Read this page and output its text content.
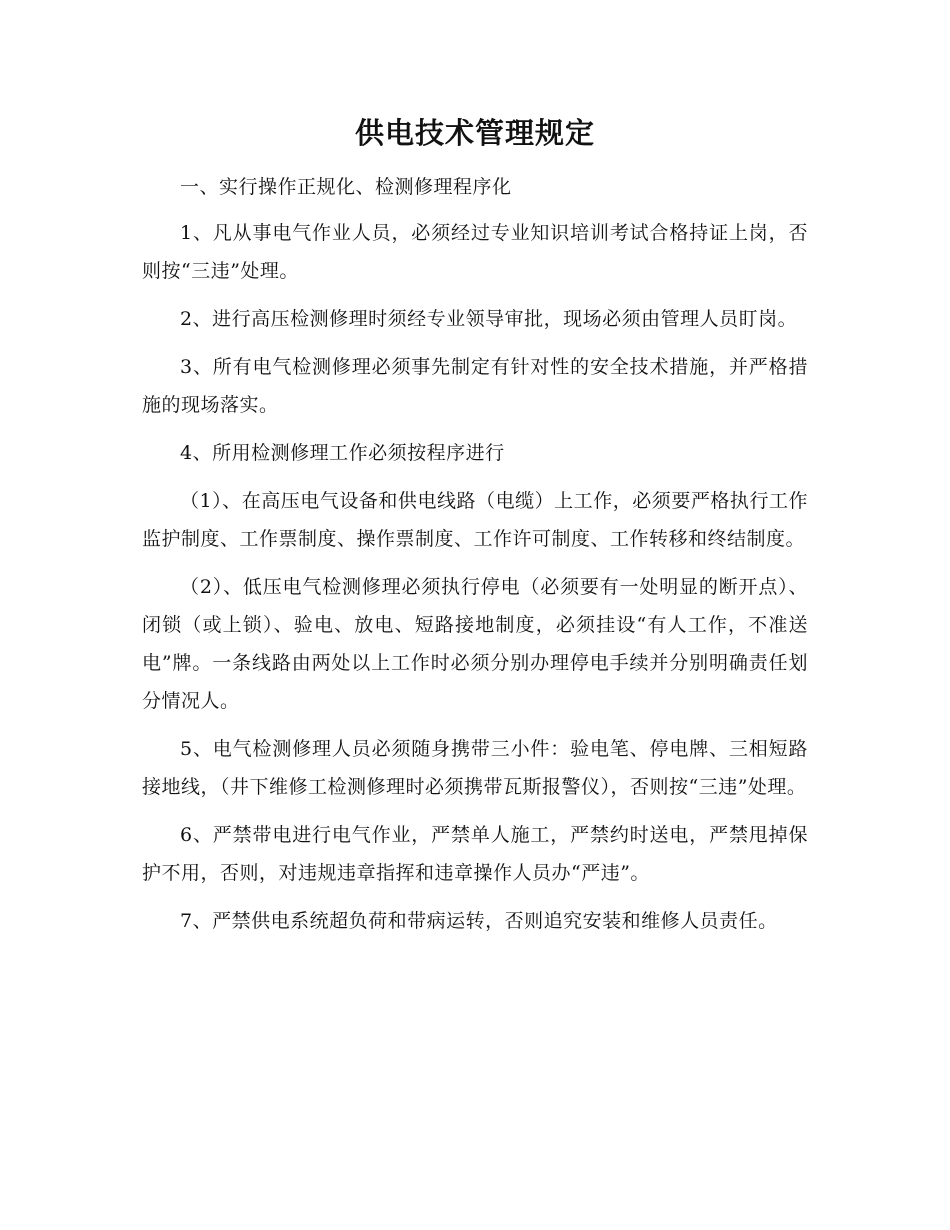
供电技术管理规定

一、实行操作正规化、检测修理程序化

1、凡从事电气作业人员，必须经过专业知识培训考试合格持证上岗，否则按“三违”处理。

2、进行高压检测修理时须经专业领导审批，现场必须由管理人员盯岗。

3、所有电气检测修理必须事先制定有针对性的安全技术措施，并严格措施的现场落实。

4、所用检测修理工作必须按程序进行

（1）、在高压电气设备和供电线路（电缆）上工作，必须要严格执行工作监护制度、工作票制度、操作票制度、工作许可制度、工作转移和终结制度。

（2）、低压电气检测修理必须执行停电（必须要有一处明显的断开点）、闭锁（或上锁）、验电、放电、短路接地制度，必须挂设“有人工作，不准送电”牌。一条线路由两处以上工作时必须分别办理停电手续并分别明确责任划分情况人。

5、电气检测修理人员必须随身携带三小件：验电笔、停电牌、三相短路接地线，（井下维修工检测修理时必须携带瓦斯报警仪），否则按“三违”处理。

6、严禁带电进行电气作业，严禁单人施工，严禁约时送电，严禁甩掉保护不用，否则，对违规违章指挥和违章操作人员办“严违”。

7、严禁供电系统超负荷和带病运转，否则追究安装和维修人员责任。
